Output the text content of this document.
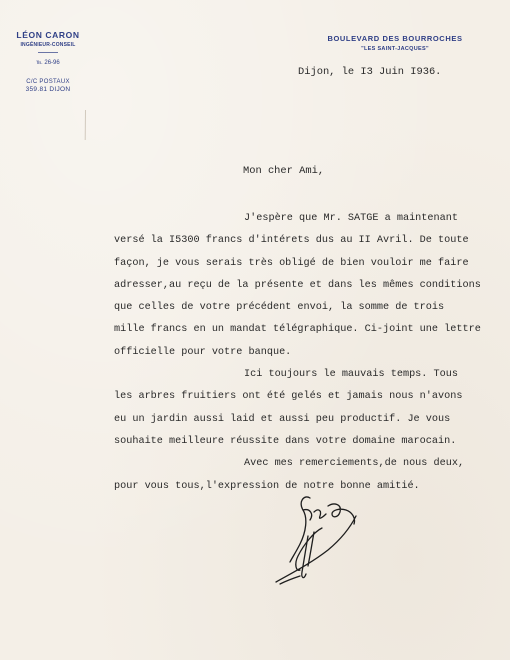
LÉON CARON
INGÉNIEUR-CONSEIL
℡ 26-96
C/C POSTAUX
359.81 DIJON
BOULEVARD DES BOURROCHES
"LES SAINT-JACQUES"
Dijon, le I3 Juin I936.
Mon cher Ami,
J'espère que Mr. SATGE a maintenant
versé la I5300 francs d'intérets dus au II Avril. De toute
façon, je vous serais très obligé de bien vouloir me faire
adresser,au reçu de la présente et dans les mêmes conditions
que celles de votre précédent envoi, la somme de trois
mille francs en un mandat télégraphique. Ci-joint une lettre
officielle pour votre banque.
Ici toujours le mauvais temps. Tous
les arbres fruitiers ont été gelés et jamais nous n'avons
eu un jardin aussi laid et aussi peu productif. Je vous
souhaite meilleure réussite dans votre domaine marocain.
Avec mes remerciements,de nous deux,
pour vous tous,l'expression de notre bonne amitié.
